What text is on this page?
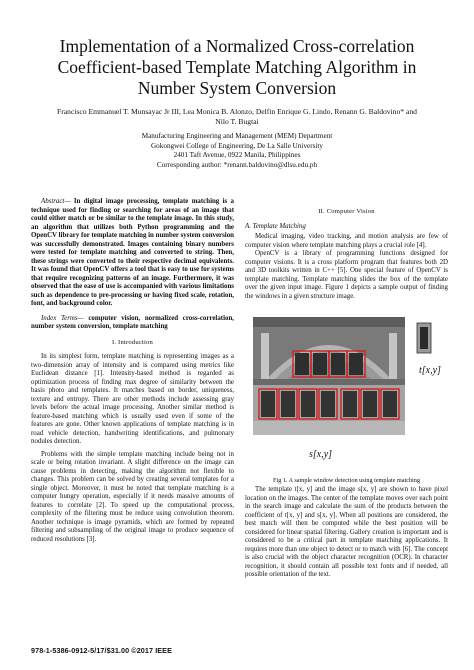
Implementation of a Normalized Cross-correlation
Coefficient-based Template Matching Algorithm in
Number System Conversion
Francisco Emmanuel T. Munsayac Jr III, Lea Monica B. Alonzo, Delfin Enrique G. Lindo, Renann G. Baldovino* and
Nilo T. Bugtai
Manufacturing Engineering and Management (MEM) Department
Gokongwei College of Engineering, De La Salle University
2401 Taft Avenue, 0922 Manila, Philippines
Corresponding author: *renann.baldovino@dlsu.edu.ph

Abstract— In digital image processing, template matching is a technique used for finding or searching for areas of an image that could either match or be similar to the template image. In this study, an algorithm that utilizes both Python programming and the OpenCV library for template matching in number system conversion was successfully demonstrated. Images containing binary numbers were tested for template matching and converted to string. Then, these strings were converted to their respective decimal equivalents. It was found that OpenCV offers a tool that is easy to use for systems that require recognizing patterns of an image. Furthermore, it was observed that the ease of use is accompanied with various limitations such as dependence to pre-processing or having fixed scale, rotation, font, and background color.

Index Terms— computer vision, normalized cross-correlation, number system conversion, template matching

I. Introduction

In its simplest form, template matching is representing images as a two-dimension array of intensity and is compared using metrics like Euclidean distance [1]. Intensity-based method is regarded as optimization process of finding max degree of similarity between the basis photo and templates. It matches based on border, uniqueness, texture and entropy. There are other methods include assessing gray levels before the actual image processing. Another similar method is feature-based matching which is usually used even if some of the features are gone. Other known applications of template matching is in road vehicle detection, handwriting identifications, and pulmonary nodules detection.

Problems with the simple template matching include being not in scale or being rotation invariant. A slight difference on the image can cause problems in detecting, making the algorithm not flexible to changes. This problem can be solved by creating several templates for a single object. Moreover, it must be noted that template matching is a computer hungry operation, especially if it needs massive amounts of features to correlate [2]. To speed up the computational process, complexity of the filtering must be reduce using convolution theorem. Another technique is image pyramids, which are formed by repeated filtering and subsampling of the original image to produce sequence of reduced resolutions [3].

II. Computer Vision
A. Template Matching

Medical imaging, video tracking, and motion analysis are few of computer vision where template matching plays a crucial role [4].

OpenCV is a library of programming functions designed for computer visions. It is a cross platform program that features both 2D and 3D toolkits written in C++ [5]. One special feature of OpenCV is template matching. Template matching slides the box of the template over the given input image. Figure 1 depicts a sample output of finding the windows in a given structure image.

t[x,y]
s[x,y]
Fig 1. A sample window detection using template matching

The template t[x, y] and the image s[x, y] are shown to have pixel location on the images. The center of the template moves over each point in the search image and calculate the sum of the products between the coefficient of t[x, y] and s[x, y]. When all positions are considered, the best match will then be computed while the best position will be considered for linear spatial filtering. Gallery creation is important and is considered to be a critical part in template matching applications. It requires more than one object to detect or to match with [6]. The concept is also crucial with the object character recognition (OCR). In character recognition, it should contain all possible text fonts and if needed, all possible orientation of the text.

978-1-5386-0912-5/17/$31.00 ©2017 IEEE
